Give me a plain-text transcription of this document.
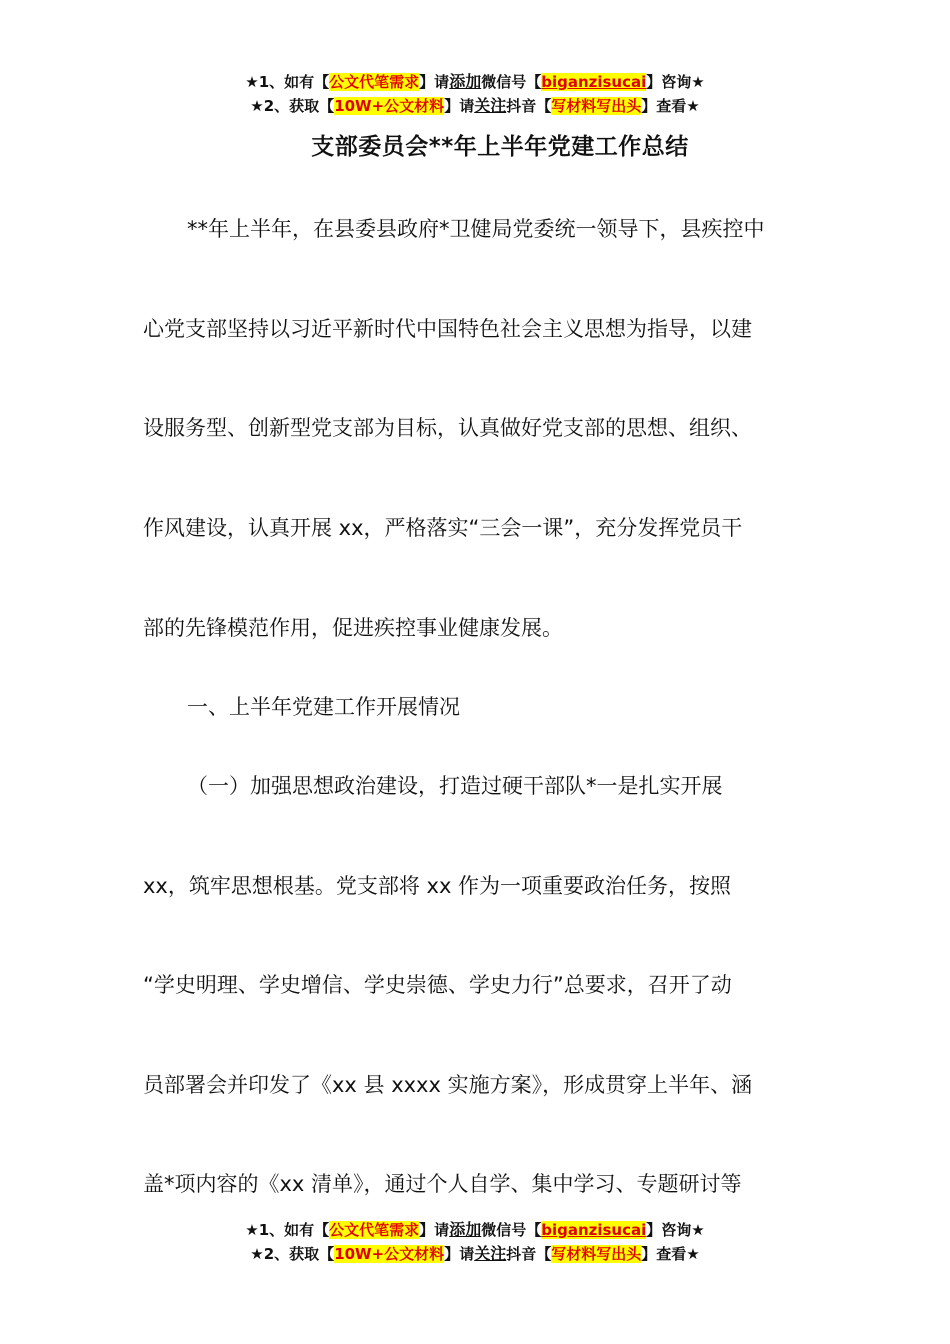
★1、如有【公文代笔需求】请添加微信号【biganzisucai】咨询★
★2、获取【10W+公文材料】请关注抖音【写材料写出头】查看★
支部委员会**年上半年党建工作总结
**年上半年，在县委县政府*卫健局党委统一领导下，县疾控中
心党支部坚持以习近平新时代中国特色社会主义思想为指导，以建
设服务型、创新型党支部为目标，认真做好党支部的思想、组织、
作风建设，认真开展 xx，严格落实“三会一课”，充分发挥党员干
部的先锋模范作用，促进疾控事业健康发展。
一、上半年党建工作开展情况
（一）加强思想政治建设，打造过硬干部队*一是扎实开展
xx，筑牢思想根基。党支部将 xx 作为一项重要政治任务，按照
“学史明理、学史增信、学史崇德、学史力行”总要求，召开了动
员部署会并印发了《xx 县 xxxx 实施方案》，形成贯穿上半年、涵
盖*项内容的《xx 清单》，通过个人自学、集中学习、专题研讨等
★1、如有【公文代笔需求】请添加微信号【biganzisucai】咨询★
★2、获取【10W+公文材料】请关注抖音【写材料写出头】查看★
